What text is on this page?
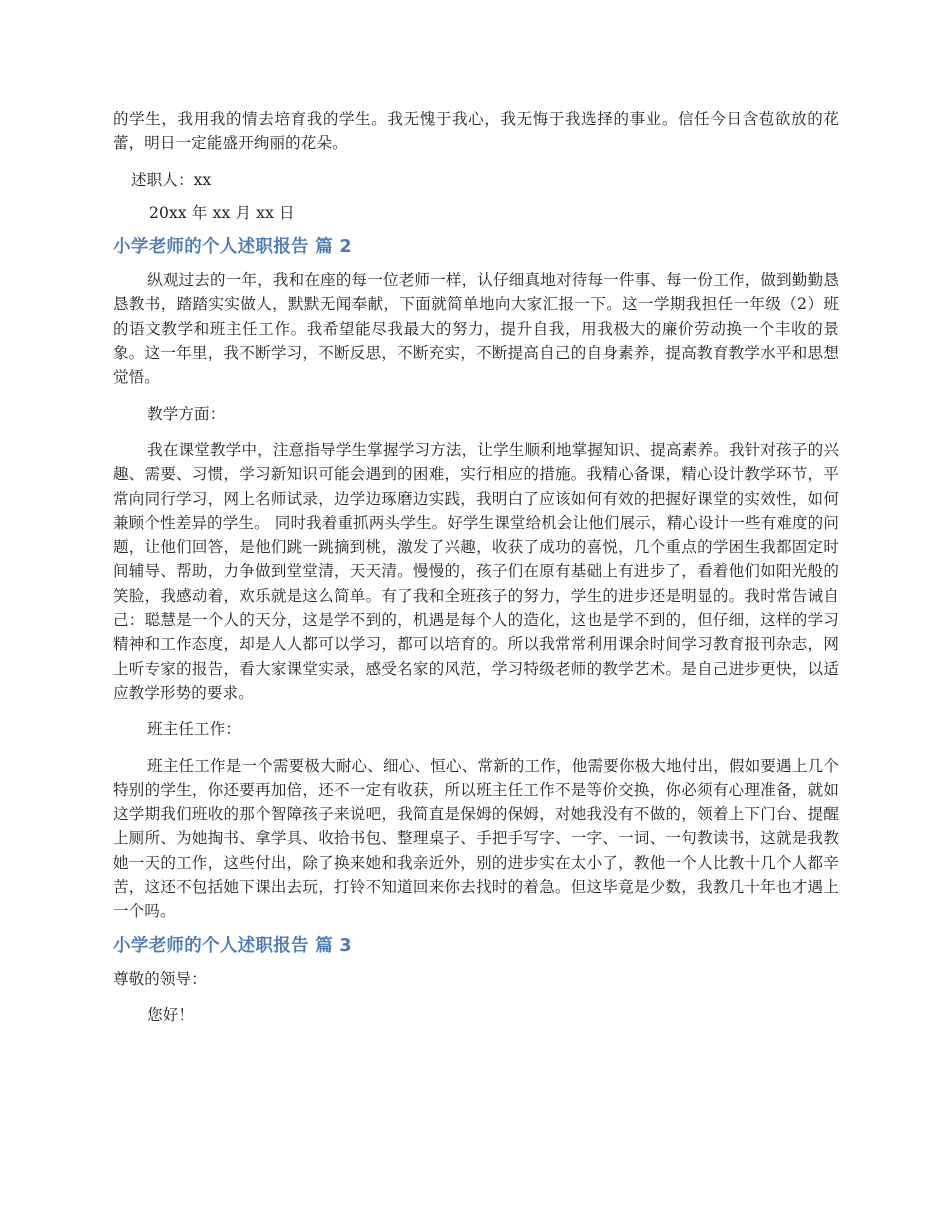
的学生，我用我的情去培育我的学生。我无愧于我心，我无悔于我选择的事业。信任今日含苞欲放的花蕾，明日一定能盛开绚丽的花朵。

述职人：xx

20xx 年 xx 月 xx 日

小学老师的个人述职报告 篇 2

纵观过去的一年，我和在座的每一位老师一样，认仔细真地对待每一件事、每一份工作，做到勤勤恳恳教书，踏踏实实做人，默默无闻奉献，下面就简单地向大家汇报一下。这一学期我担任一年级（2）班的语文教学和班主任工作。我希望能尽我最大的努力，提升自我，用我极大的廉价劳动换一个丰收的景象。这一年里，我不断学习，不断反思，不断充实，不断提高自己的自身素养，提高教育教学水平和思想觉悟。

教学方面：

我在课堂教学中，注意指导学生掌握学习方法，让学生顺利地掌握知识、提高素养。我针对孩子的兴趣、需要、习惯，学习新知识可能会遇到的困难，实行相应的措施。我精心备课，精心设计教学环节，平常向同行学习，网上名师试录，边学边琢磨边实践，我明白了应该如何有效的把握好课堂的实效性，如何兼顾个性差异的学生。 同时我着重抓两头学生。好学生课堂给机会让他们展示，精心设计一些有难度的问题，让他们回答，是他们跳一跳摘到桃，激发了兴趣，收获了成功的喜悦，几个重点的学困生我都固定时间辅导、帮助，力争做到堂堂清，天天清。慢慢的，孩子们在原有基础上有进步了，看着他们如阳光般的笑脸，我感动着，欢乐就是这么简单。有了我和全班孩子的努力，学生的进步还是明显的。我时常告诫自己：聪慧是一个人的天分，这是学不到的，机遇是每个人的造化，这也是学不到的，但仔细，这样的学习精神和工作态度，却是人人都可以学习，都可以培育的。所以我常常利用课余时间学习教育报刊杂志，网上听专家的报告，看大家课堂实录，感受名家的风范，学习特级老师的教学艺术。是自己进步更快，以适应教学形势的要求。

班主任工作：

班主任工作是一个需要极大耐心、细心、恒心、常新的工作，他需要你极大地付出，假如要遇上几个特别的学生，你还要再加倍，还不一定有收获，所以班主任工作不是等价交换，你必须有心理准备，就如这学期我们班收的那个智障孩子来说吧，我简直是保姆的保姆，对她我没有不做的，领着上下门台、提醒上厕所、为她掏书、拿学具、收拾书包、整理桌子、手把手写字、一字、一词、一句教读书，这就是我教她一天的工作，这些付出，除了换来她和我亲近外，别的进步实在太小了，教他一个人比教十几个人都辛苦，这还不包括她下课出去玩，打铃不知道回来你去找时的着急。但这毕竟是少数，我教几十年也才遇上一个吗。

小学老师的个人述职报告 篇 3

尊敬的领导：

您好！
